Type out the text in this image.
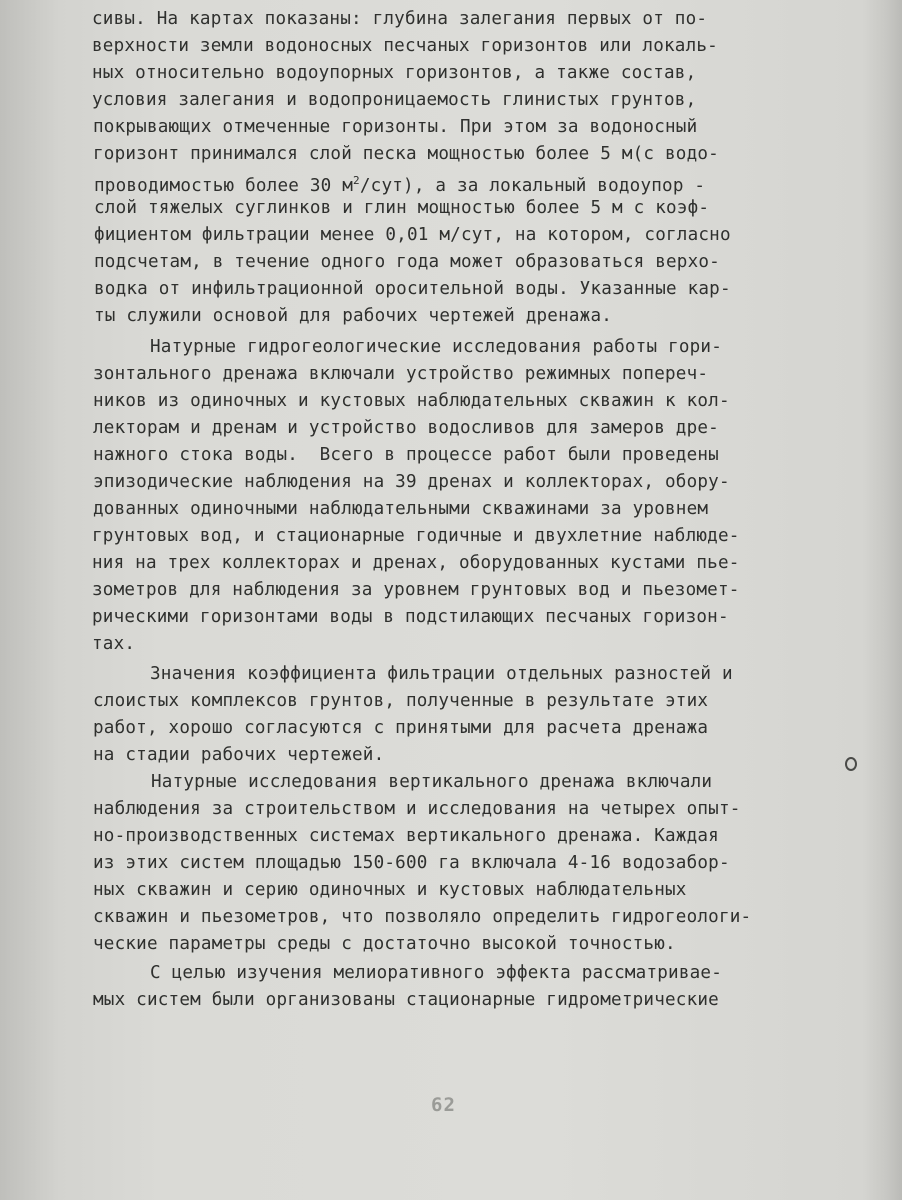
сивы. На картах показаны: глубина залегания первых от по-
верхности земли водоносных песчаных горизонтов или локаль-
ных относительно водоупорных горизонтов, а также состав,
условия залегания и водопроницаемость глинистых грунтов,
покрывающих отмеченные горизонты. При этом за водоносный
горизонт принимался слой песка мощностью более 5 м(с водо-
проводимостью более 30 $м^2/сут$), а за локальный водоупор -
слой тяжелых суглинков и глин мощностью более 5 м с коэф-
фициентом фильтрации менее 0,01 м/сут, на котором, согласно
подсчетам, в течение одного года может образоваться верхо-
водка от инфильтрационной оросительной воды. Указанные кар-
ты служили основой для рабочих чертежей дренажа.
Натурные гидрогеологические исследования работы гори-
зонтального дренажа включали устройство режимных попереч-
ников из одиночных и кустовых наблюдательных скважин к кол-
лекторам и дренам и устройство водосливов для замеров дре-
нажного стока воды.  Всего в процессе работ были проведены
эпизодические наблюдения на 39 дренах и коллекторах, обору-
дованных одиночными наблюдательными скважинами за уровнем
грунтовых вод, и стационарные годичные и двухлетние наблюде-
ния на трех коллекторах и дренах, оборудованных кустами пье-
зометров для наблюдения за уровнем грунтовых вод и пьезомет-
рическими горизонтами воды в подстилающих песчаных горизон-
тах.
Значения коэффициента фильтрации отдельных разностей и
слоистых комплексов грунтов, полученные в результате этих
работ, хорошо согласуются с принятыми для расчета дренажа
на стадии рабочих чертежей.
Натурные исследования вертикального дренажа включали
наблюдения за строительством и исследования на четырех опыт-
но-производственных системах вертикального дренажа. Каждая
из этих систем площадью 150-600 га включала 4-16 водозабор-
ных скважин и серию одиночных и кустовых наблюдательных
скважин и пьезометров, что позволяло определить гидрогеологи-
ческие параметры среды с достаточно высокой точностью.
С целью изучения мелиоративного эффекта рассматривае-
мых систем были организованы стационарные гидрометрические
62
